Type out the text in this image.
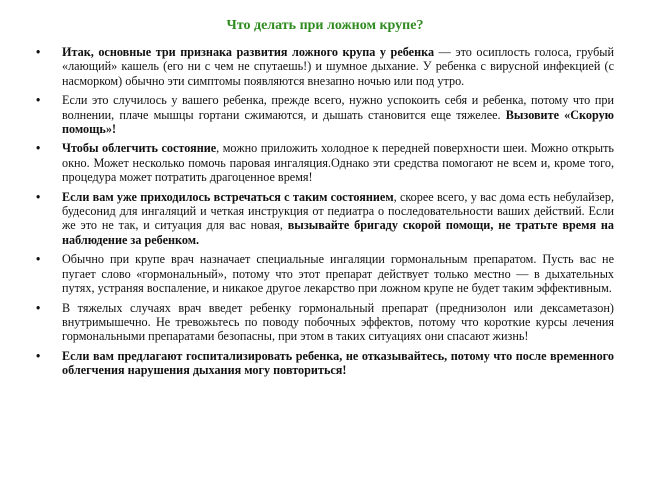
Что делать при ложном крупе?
• Итак, основные три признака развития ложного крупа у ребенка — это осиплость голоса, грубый «лающий» кашель (его ни с чем не спутаешь!) и шумное дыхание. У ребенка с вирусной инфекцией (с насморком) обычно эти симптомы появляются внезапно ночью или под утро.
• Если это случилось у вашего ребенка, прежде всего, нужно успокоить себя и ребенка, потому что при волнении, плаче мышцы гортани сжимаются, и дышать становится еще тяжелее. Вызовите «Скорую помощь»!
• Чтобы облегчить состояние, можно приложить холодное к передней поверхности шеи. Можно открыть окно. Может несколько помочь паровая ингаляция.Однако эти средства помогают не всем и, кроме того, процедура может потратить драгоценное время!
• Если вам уже приходилось встречаться с таким состоянием, скорее всего, у вас дома есть небулайзер, будесонид для ингаляций и четкая инструкция от педиатра о последовательности ваших действий. Если же это не так, и ситуация для вас новая, вызывайте бригаду скорой помощи, не тратьте время на наблюдение за ребенком.
• Обычно при крупе врач назначает специальные ингаляции гормональным препаратом. Пусть вас не пугает слово «гормональный», потому что этот препарат действует только местно — в дыхательных путях, устраняя воспаление, и никакое другое лекарство при ложном крупе не будет таким эффективным.
• В тяжелых случаях врач введет ребенку гормональный препарат (преднизолон или дексаметазон) внутримышечно. Не тревожьтесь по поводу побочных эффектов, потому что короткие курсы лечения гормональными препаратами безопасны, при этом в таких ситуациях они спасают жизнь!
• Если вам предлагают госпитализировать ребенка, не отказывайтесь, потому что после временного облегчения нарушения дыхания могу повториться!
